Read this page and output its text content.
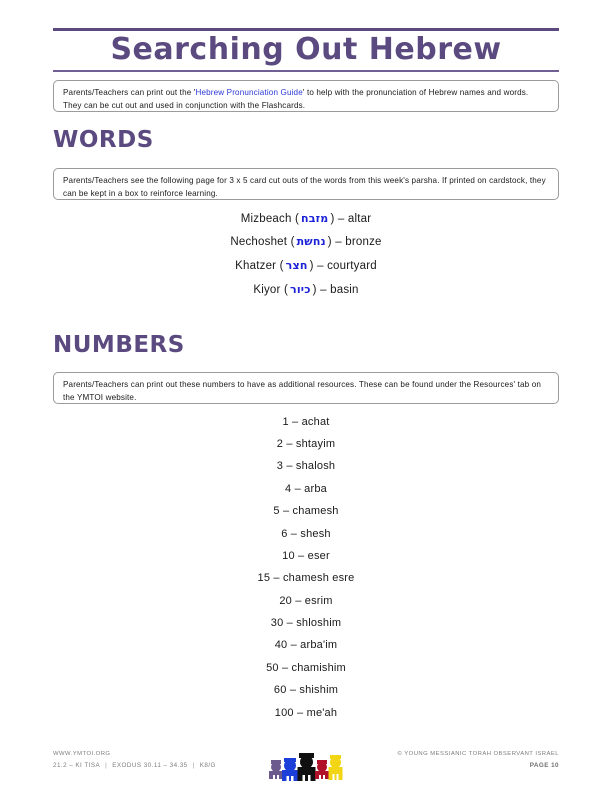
Searching Out Hebrew
Parents/Teachers can print out the 'Hebrew Pronunciation Guide' to help with the pronunciation of Hebrew names and words. They can be cut out and used in conjunction with the Flashcards.
WORDS
Parents/Teachers see the following page for 3 x 5 card cut outs of the words from this week's parsha. If printed on cardstock, they can be kept in a box to reinforce learning.
Mizbeach ( מזבח ) – altar
Nechoshet ( נחשת ) – bronze
Khatzer ( חצר ) – courtyard
Kiyor ( כיור ) – basin
NUMBERS
Parents/Teachers can print out these numbers to have as additional resources. These can be found under the Resources' tab on the YMTOI website.
1 – achat
2 – shtayim
3 – shalosh
4 – arba
5 – chamesh
6 – shesh
10 – eser
15 – chamesh esre
20 – esrim
30 – shloshim
40 – arba'im
50 – chamishim
60 – shishim
100 – me'ah
WWW.YMTOI.ORG
21.2 – KI TISA | EXODUS 30.11 – 34.35 | K8/G
© YOUNG MESSIANIC TORAH OBSERVANT ISRAEL
PAGE 10
